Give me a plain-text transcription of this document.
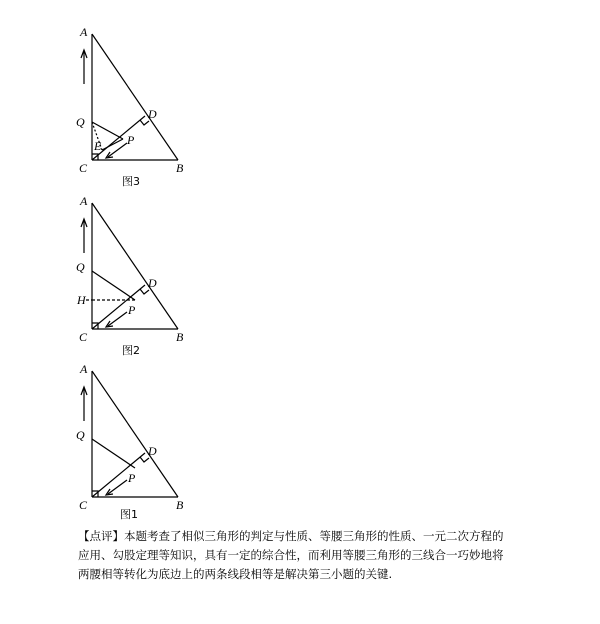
A
Q
D
P
E
C	B
图3
A
Q
D
H
P
C	B
图2
A
Q
D
P
C	B
图1
【点评】本题考查了相似三角形的判定与性质、等腰三角形的性质、一元二次方程的
应用、勾股定理等知识，具有一定的综合性，而利用等腰三角形的三线合一巧妙地将
两腰相等转化为底边上的两条线段相等是解决第三小题的关键.
